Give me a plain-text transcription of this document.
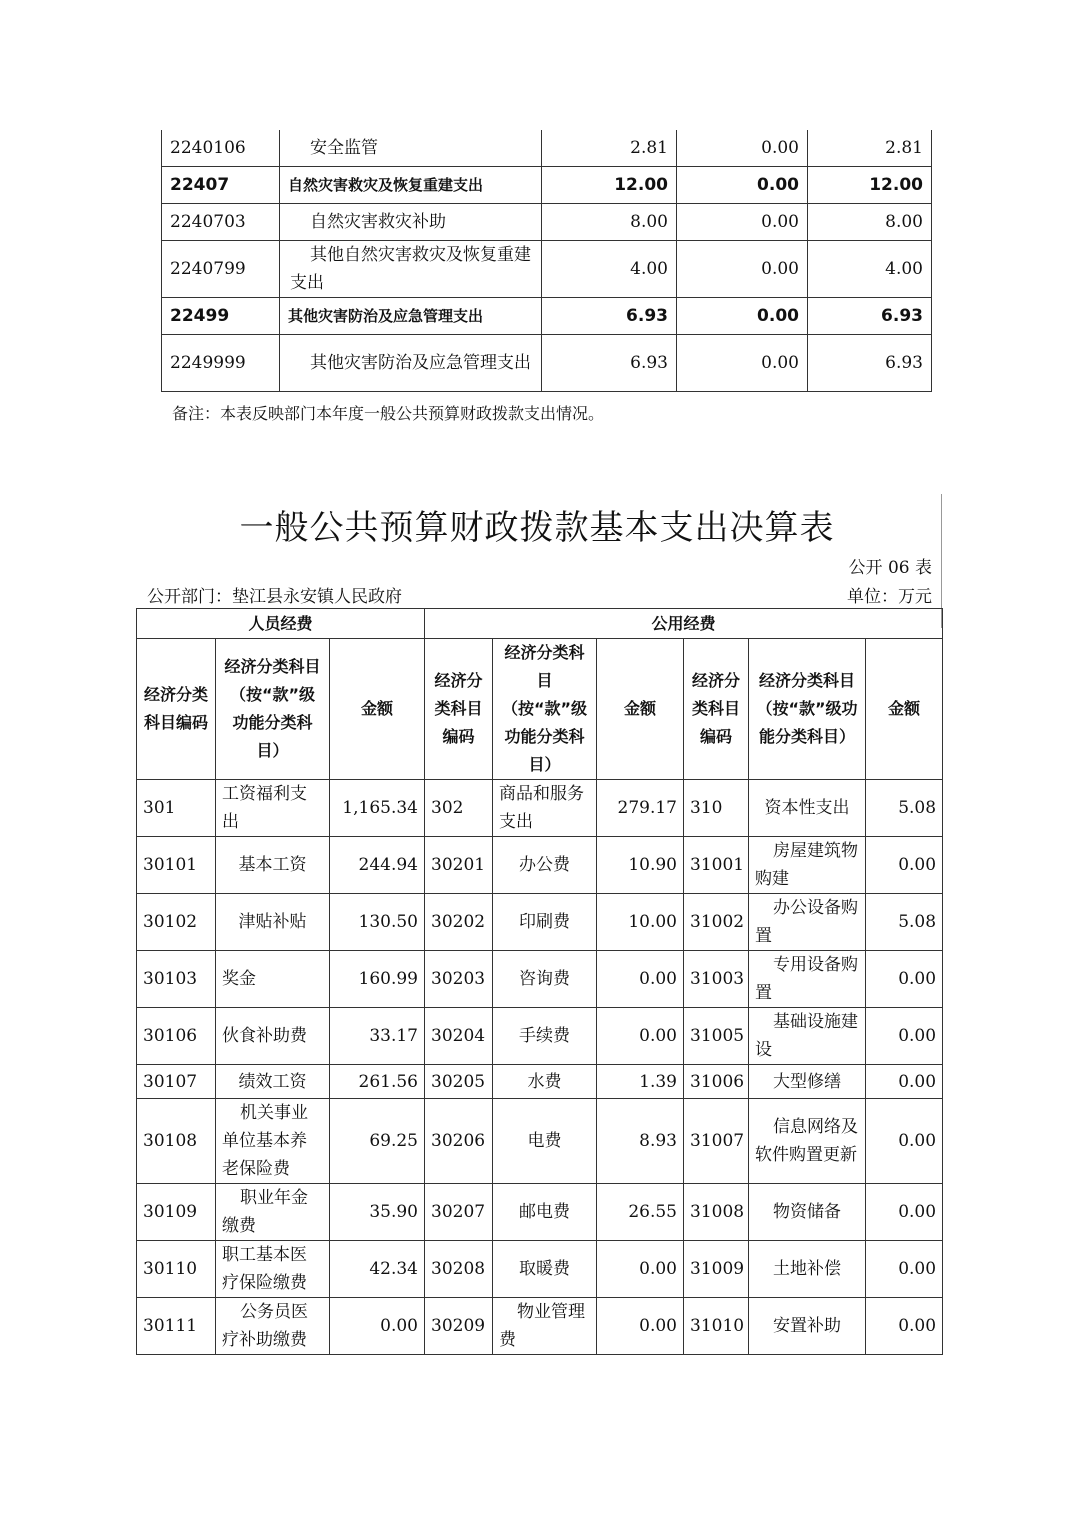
2240106	安全监管	2.81	0.00	2.81
22407	自然灾害救灾及恢复重建支出	12.00	0.00	12.00
2240703	自然灾害救灾补助	8.00	0.00	8.00
2240799	其他自然灾害救灾及恢复重建支出	4.00	0.00	4.00
22499	其他灾害防治及应急管理支出	6.93	0.00	6.93
2249999	其他灾害防治及应急管理支出	6.93	0.00	6.93
备注：本表反映部门本年度一般公共预算财政拨款支出情况。
一般公共预算财政拨款基本支出决算表
公开 06 表
公开部门：垫江县永安镇人民政府	单位：万元
人员经费			公用经费					
经济分类科目编码	经济分类科目（按“款”级功能分类科目）	金额	经济分类科目编码	经济分类科目（按“款”级功能分类科目）	金额	经济分类科目编码	经济分类科目（按“款”级功能分类科目）	金额
301	工资福利支出	1,165.34	302	商品和服务支出	279.17	310	资本性支出	5.08
30101	基本工资	244.94	30201	办公费	10.90	31001	房屋建筑物购建	0.00
30102	津贴补贴	130.50	30202	印刷费	10.00	31002	办公设备购置	5.08
30103	奖金	160.99	30203	咨询费	0.00	31003	专用设备购置	0.00
30106	伙食补助费	33.17	30204	手续费	0.00	31005	基础设施建设	0.00
30107	绩效工资	261.56	30205	水费	1.39	31006	大型修缮	0.00
30108	机关事业单位基本养老保险费	69.25	30206	电费	8.93	31007	信息网络及软件购置更新	0.00
30109	职业年金缴费	35.90	30207	邮电费	26.55	31008	物资储备	0.00
30110	职工基本医疗保险缴费	42.34	30208	取暖费	0.00	31009	土地补偿	0.00
30111	公务员医疗补助缴费	0.00	30209	物业管理费	0.00	31010	安置补助	0.00
